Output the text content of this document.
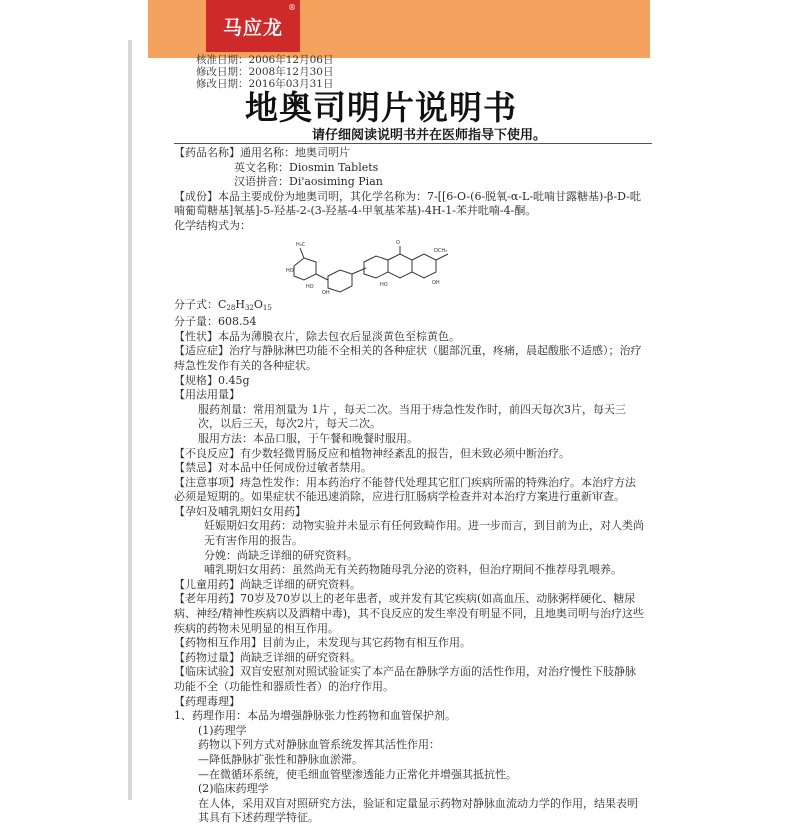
马应龙
®
核准日期：2006年12月06日
修改日期：2008年12月30日
修改日期：2016年03月31日
地奥司明片说明书
请仔细阅读说明书并在医师指导下使用。

【药品名称】通用名称：地奥司明片

英文名称：Diosmin Tablets

汉语拼音：Di'aosiming Pian

【成份】本品主要成份为地奥司明，其化学名称为：7-[[6-O-(6-脱氧-α-L-吡喃甘露糖基)-β-D-吡喃葡萄糖基]氧基]-5-羟基-2-(3-羟基-4-甲氧基苯基)-4H-1-苯并吡喃-4-酮。

化学结构式为：

H₃C
HO
HO
OH
O
OCH₃
OH
HO

分子式：$C_{28}H_{32}O_{15}$

分子量：608.54

【性状】本品为薄膜衣片，除去包衣后显淡黄色至棕黄色。

【适应症】治疗与静脉淋巴功能不全相关的各种症状（腿部沉重，疼痛，晨起酸胀不适感）；治疗痔急性发作有关的各种症状。

【规格】0.45g

【用法用量】

服药剂量：常用剂量为 1片 ，每天二次。当用于痔急性发作时，前四天每次3片，每天三次，以后三天，每次2片，每天二次。

服用方法：本品口服，于午餐和晚餐时服用。

【不良反应】有少数轻微胃肠反应和植物神经紊乱的报告，但未致必须中断治疗。

【禁忌】对本品中任何成份过敏者禁用。

【注意事项】痔急性发作：用本药治疗不能替代处理其它肛门疾病所需的特殊治疗。本治疗方法必须是短期的。如果症状不能迅速消除，应进行肛肠病学检查并对本治疗方案进行重新审查。

【孕妇及哺乳期妇女用药】

妊娠期妇女用药：动物实验并未显示有任何致畸作用。进一步而言，到目前为止，对人类尚无有害作用的报告。

分娩：尚缺乏详细的研究资料。

哺乳期妇女用药：虽然尚无有关药物随母乳分泌的资料，但治疗期间不推荐母乳喂养。

【儿童用药】尚缺乏详细的研究资料。

【老年用药】70岁及70岁以上的老年患者，或并发有其它疾病(如高血压、动脉粥样硬化、糖尿病、神经/精神性疾病以及酒精中毒)，其不良反应的发生率没有明显不同，且地奥司明与治疗这些疾病的药物未见明显的相互作用。

【药物相互作用】目前为止，未发现与其它药物有相互作用。

【药物过量】尚缺乏详细的研究资料。

【临床试验】双盲安慰剂对照试验证实了本产品在静脉学方面的活性作用，对治疗慢性下肢静脉功能不全（功能性和器质性者）的治疗作用。

【药理毒理】

1、药理作用：本品为增强静脉张力性药物和血管保护剂。

(1)药理学

药物以下列方式对静脉血管系统发挥其活性作用：

—降低静脉扩张性和静脉血淤滞。

—在微循环系统，使毛细血管壁渗透能力正常化并增强其抵抗性。

(2)临床药理学

在人体，采用双盲对照研究方法，验证和定量显示药物对静脉血流动力学的作用，结果表明其具有下述药理学特征。
